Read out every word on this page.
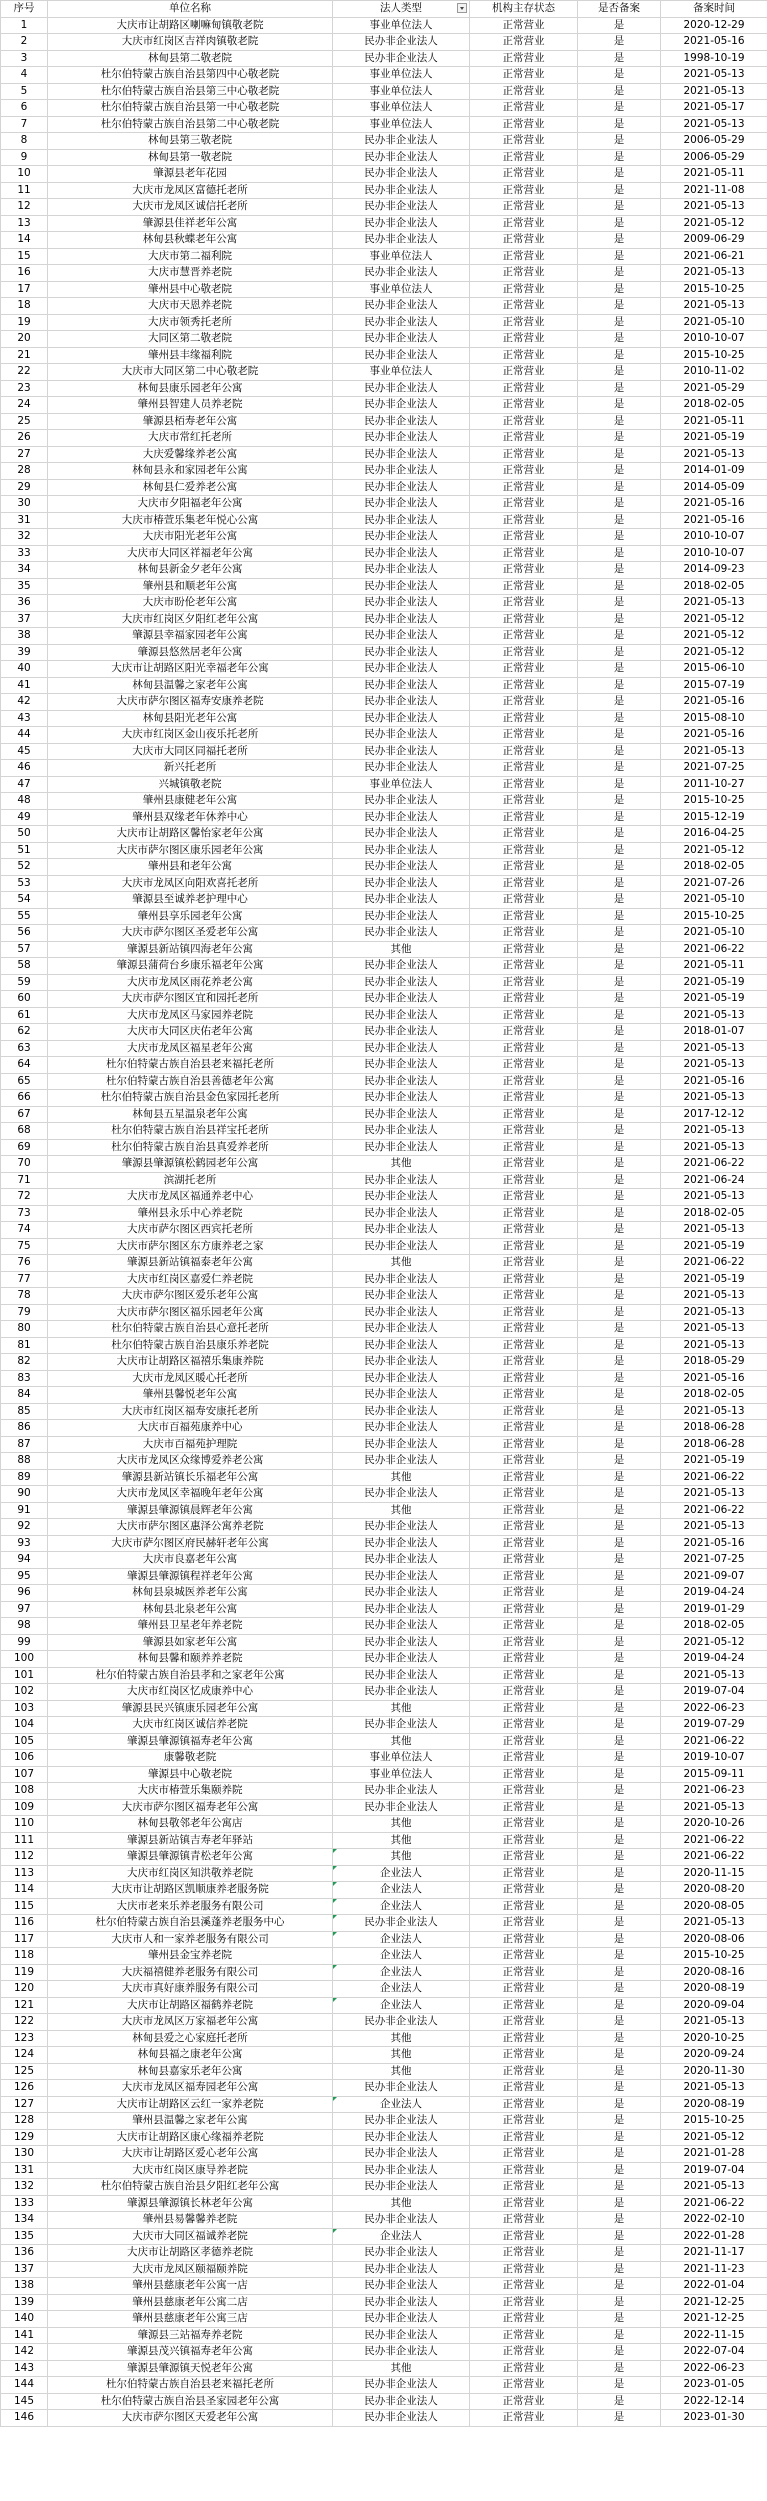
序号	单位名称	法人类型	机构主存状态	是否备案	备案时间
1	大庆市让胡路区喇嘛甸镇敬老院	事业单位法人	正常营业	是	2020-12-29
2	大庆市红岗区吉祥肉镇敬老院	民办非企业法人	正常营业	是	2021-05-16
3	林甸县第二敬老院	民办非企业法人	正常营业	是	1998-10-19
4	杜尔伯特蒙古族自治县第四中心敬老院	事业单位法人	正常营业	是	2021-05-13
5	杜尔伯特蒙古族自治县第三中心敬老院	事业单位法人	正常营业	是	2021-05-13
6	杜尔伯特蒙古族自治县第一中心敬老院	事业单位法人	正常营业	是	2021-05-17
7	杜尔伯特蒙古族自治县第二中心敬老院	事业单位法人	正常营业	是	2021-05-13
8	林甸县第三敬老院	民办非企业法人	正常营业	是	2006-05-29
9	林甸县第一敬老院	民办非企业法人	正常营业	是	2006-05-29
10	肇源县老年花园	民办非企业法人	正常营业	是	2021-05-11
11	大庆市龙凤区富德托老所	民办非企业法人	正常营业	是	2021-11-08
12	大庆市龙凤区诚信托老所	民办非企业法人	正常营业	是	2021-05-13
13	肇源县佳祥老年公寓	民办非企业法人	正常营业	是	2021-05-12
14	林甸县秋蝶老年公寓	民办非企业法人	正常营业	是	2009-06-29
15	大庆市第二福利院	事业单位法人	正常营业	是	2021-06-21
16	大庆市慧晋养老院	民办非企业法人	正常营业	是	2021-05-13
17	肇州县中心敬老院	事业单位法人	正常营业	是	2015-10-25
18	大庆市天恩养老院	民办非企业法人	正常营业	是	2021-05-13
19	大庆市领秀托老所	民办非企业法人	正常营业	是	2021-05-10
20	大同区第二敬老院	民办非企业法人	正常营业	是	2010-10-07
21	肇州县丰缘福利院	民办非企业法人	正常营业	是	2015-10-25
22	大庆市大同区第二中心敬老院	事业单位法人	正常营业	是	2010-11-02
23	林甸县康乐园老年公寓	民办非企业法人	正常营业	是	2021-05-29
24	肇州县智建人员养老院	民办非企业法人	正常营业	是	2018-02-05
25	肇源县栢寿老年公寓	民办非企业法人	正常营业	是	2021-05-11
26	大庆市常红托老所	民办非企业法人	正常营业	是	2021-05-19
27	大庆爱馨缘养老公寓	民办非企业法人	正常营业	是	2021-05-13
28	林甸县永和家园老年公寓	民办非企业法人	正常营业	是	2014-01-09
29	林甸县仁爱养老公寓	民办非企业法人	正常营业	是	2014-05-09
30	大庆市夕阳福老年公寓	民办非企业法人	正常营业	是	2021-05-16
31	大庆市椿萱乐集老年悦心公寓	民办非企业法人	正常营业	是	2021-05-16
32	大庆市阳光老年公寓	民办非企业法人	正常营业	是	2010-10-07
33	大庆市大同区祥福老年公寓	民办非企业法人	正常营业	是	2010-10-07
34	林甸县新金夕老年公寓	民办非企业法人	正常营业	是	2014-09-23
35	肇州县和顺老年公寓	民办非企业法人	正常营业	是	2018-02-05
36	大庆市盼伦老年公寓	民办非企业法人	正常营业	是	2021-05-13
37	大庆市红岗区夕阳红老年公寓	民办非企业法人	正常营业	是	2021-05-12
38	肇源县幸福家园老年公寓	民办非企业法人	正常营业	是	2021-05-12
39	肇源县悠然居老年公寓	民办非企业法人	正常营业	是	2021-05-12
40	大庆市让胡路区阳光幸福老年公寓	民办非企业法人	正常营业	是	2015-06-10
41	林甸县温馨之家老年公寓	民办非企业法人	正常营业	是	2015-07-19
42	大庆市萨尔图区福寿安康养老院	民办非企业法人	正常营业	是	2021-05-16
43	林甸县阳光老年公寓	民办非企业法人	正常营业	是	2015-08-10
44	大庆市红岗区金山夜乐托老所	民办非企业法人	正常营业	是	2021-05-16
45	大庆市大同区同福托老所	民办非企业法人	正常营业	是	2021-05-13
46	新兴托老所	民办非企业法人	正常营业	是	2021-07-25
47	兴城镇敬老院	事业单位法人	正常营业	是	2011-10-27
48	肇州县康健老年公寓	民办非企业法人	正常营业	是	2015-10-25
49	肇州县双缘老年休养中心	民办非企业法人	正常营业	是	2015-12-19
50	大庆市让胡路区馨怡家老年公寓	民办非企业法人	正常营业	是	2016-04-25
51	大庆市萨尔图区康乐园老年公寓	民办非企业法人	正常营业	是	2021-05-12
52	肇州县和老年公寓	民办非企业法人	正常营业	是	2018-02-05
53	大庆市龙凤区向阳欢喜托老所	民办非企业法人	正常营业	是	2021-07-26
54	肇源县至诚养老护理中心	民办非企业法人	正常营业	是	2021-05-10
55	肇州县享乐园老年公寓	民办非企业法人	正常营业	是	2015-10-25
56	大庆市萨尔图区圣爱老年公寓	民办非企业法人	正常营业	是	2021-05-10
57	肇源县新站镇四海老年公寓	其他	正常营业	是	2021-06-22
58	肇源县蒲荷台乡康乐福老年公寓	民办非企业法人	正常营业	是	2021-05-11
59	大庆市龙凤区雨花养老公寓	民办非企业法人	正常营业	是	2021-05-19
60	大庆市萨尔图区宜和园托老所	民办非企业法人	正常营业	是	2021-05-19
61	大庆市龙凤区马家园养老院	民办非企业法人	正常营业	是	2021-05-13
62	大庆市大同区庆佑老年公寓	民办非企业法人	正常营业	是	2018-01-07
63	大庆市龙凤区福星老年公寓	民办非企业法人	正常营业	是	2021-05-13
64	杜尔伯特蒙古族自治县老来福托老所	民办非企业法人	正常营业	是	2021-05-13
65	杜尔伯特蒙古族自治县善德老年公寓	民办非企业法人	正常营业	是	2021-05-16
66	杜尔伯特蒙古族自治县金色家园托老所	民办非企业法人	正常营业	是	2021-05-13
67	林甸县五星温泉老年公寓	民办非企业法人	正常营业	是	2017-12-12
68	杜尔伯特蒙古族自治县祥宝托老所	民办非企业法人	正常营业	是	2021-05-13
69	杜尔伯特蒙古族自治县真爱养老所	民办非企业法人	正常营业	是	2021-05-13
70	肇源县肇源镇松鹤园老年公寓	其他	正常营业	是	2021-06-22
71	滨湖托老所	民办非企业法人	正常营业	是	2021-06-24
72	大庆市龙凤区福通养老中心	民办非企业法人	正常营业	是	2021-05-13
73	肇州县永乐中心养老院	民办非企业法人	正常营业	是	2018-02-05
74	大庆市萨尔图区西宾托老所	民办非企业法人	正常营业	是	2021-05-13
75	大庆市萨尔图区东方康养老之家	民办非企业法人	正常营业	是	2021-05-19
76	肇源县新站镇福泰老年公寓	其他	正常营业	是	2021-06-22
77	大庆市红岗区嘉爱仁养老院	民办非企业法人	正常营业	是	2021-05-19
78	大庆市萨尔图区爱乐老年公寓	民办非企业法人	正常营业	是	2021-05-13
79	大庆市萨尔图区福乐园老年公寓	民办非企业法人	正常营业	是	2021-05-13
80	杜尔伯特蒙古族自治县心意托老所	民办非企业法人	正常营业	是	2021-05-13
81	杜尔伯特蒙古族自治县康乐养老院	民办非企业法人	正常营业	是	2021-05-13
82	大庆市让胡路区福禧乐集康养院	民办非企业法人	正常营业	是	2018-05-29
83	大庆市龙凤区暖心托老所	民办非企业法人	正常营业	是	2021-05-16
84	肇州县馨悦老年公寓	民办非企业法人	正常营业	是	2018-02-05
85	大庆市红岗区福寿安康托老所	民办非企业法人	正常营业	是	2021-05-13
86	大庆市百福苑康养中心	民办非企业法人	正常营业	是	2018-06-28
87	大庆市百福苑护理院	民办非企业法人	正常营业	是	2018-06-28
88	大庆市龙凤区众缘博爱养老公寓	民办非企业法人	正常营业	是	2021-05-19
89	肇源县新站镇长乐福老年公寓	其他	正常营业	是	2021-06-22
90	大庆市龙凤区幸福晚年老年公寓	民办非企业法人	正常营业	是	2021-05-13
91	肇源县肇源镇晨辉老年公寓	其他	正常营业	是	2021-06-22
92	大庆市萨尔图区惠泽公寓养老院	民办非企业法人	正常营业	是	2021-05-13
93	大庆市萨尔图区府民赫轩老年公寓	民办非企业法人	正常营业	是	2021-05-16
94	大庆市良嘉老年公寓	民办非企业法人	正常营业	是	2021-07-25
95	肇源县肇源镇程祥老年公寓	民办非企业法人	正常营业	是	2021-09-07
96	林甸县泉城医养老年公寓	民办非企业法人	正常营业	是	2019-04-24
97	林甸县北泉老年公寓	民办非企业法人	正常营业	是	2019-01-29
98	肇州县卫星老年养老院	民办非企业法人	正常营业	是	2018-02-05
99	肇源县如家老年公寓	民办非企业法人	正常营业	是	2021-05-12
100	林甸县馨和颐养养老院	民办非企业法人	正常营业	是	2019-04-24
101	杜尔伯特蒙古族自治县孝和之家老年公寓	民办非企业法人	正常营业	是	2021-05-13
102	大庆市红岗区忆成康养中心	民办非企业法人	正常营业	是	2019-07-04
103	肇源县民兴镇康乐园老年公寓	其他	正常营业	是	2022-06-23
104	大庆市红岗区诚信养老院	民办非企业法人	正常营业	是	2019-07-29
105	肇源县肇源镇福寿老年公寓	其他	正常营业	是	2021-06-22
106	康馨敬老院	事业单位法人	正常营业	是	2019-10-07
107	肇源县中心敬老院	事业单位法人	正常营业	是	2015-09-11
108	大庆市椿萱乐集颐养院	民办非企业法人	正常营业	是	2021-06-23
109	大庆市萨尔图区福寿老年公寓	民办非企业法人	正常营业	是	2021-05-13
110	林甸县敬邻老年公寓店	其他	正常营业	是	2020-10-26
111	肇源县新站镇吉寿老年驿站	其他	正常营业	是	2021-06-22
112	肇源县肇源镇青松老年公寓	其他	正常营业	是	2021-06-22
113	大庆市红岗区知洪敬养老院	企业法人	正常营业	是	2020-11-15
114	大庆市让胡路区凯顺康养老服务院	企业法人	正常营业	是	2020-08-20
115	大庆市老来乐养老服务有限公司	企业法人	正常营业	是	2020-08-05
116	杜尔伯特蒙古族自治县溪蓬养老服务中心	民办非企业法人	正常营业	是	2021-05-13
117	大庆市人和一家养老服务有限公司	企业法人	正常营业	是	2020-08-06
118	肇州县金宝养老院	企业法人	正常营业	是	2015-10-25
119	大庆福禧健养老服务有限公司	企业法人	正常营业	是	2020-08-16
120	大庆市真好康养服务有限公司	企业法人	正常营业	是	2020-08-19
121	大庆市让胡路区福鹤养老院	企业法人	正常营业	是	2020-09-04
122	大庆市龙凤区万家福老年公寓	民办非企业法人	正常营业	是	2021-05-13
123	林甸县爱之心家庭托老所	其他	正常营业	是	2020-10-25
124	林甸县福之康老年公寓	其他	正常营业	是	2020-09-24
125	林甸县嘉家乐老年公寓	其他	正常营业	是	2020-11-30
126	大庆市龙凤区福寿园老年公寓	民办非企业法人	正常营业	是	2021-05-13
127	大庆市让胡路区云红一家养老院	企业法人	正常营业	是	2020-08-19
128	肇州县温馨之家老年公寓	民办非企业法人	正常营业	是	2015-10-25
129	大庆市让胡路区康心缘福养老院	民办非企业法人	正常营业	是	2021-05-12
130	大庆市让胡路区爱心老年公寓	民办非企业法人	正常营业	是	2021-01-28
131	大庆市红岗区康导养老院	民办非企业法人	正常营业	是	2019-07-04
132	杜尔伯特蒙古族自治县夕阳红老年公寓	民办非企业法人	正常营业	是	2021-05-13
133	肇源县肇源镇长林老年公寓	其他	正常营业	是	2021-06-22
134	肇州县易馨馨养老院	民办非企业法人	正常营业	是	2022-02-10
135	大庆市大同区福诚养老院	企业法人	正常营业	是	2022-01-28
136	大庆市让胡路区孝德养老院	民办非企业法人	正常营业	是	2021-11-17
137	大庆市龙凤区颐福颐养院	民办非企业法人	正常营业	是	2021-11-23
138	肇州县慈康老年公寓一店	民办非企业法人	正常营业	是	2022-01-04
139	肇州县慈康老年公寓二店	民办非企业法人	正常营业	是	2021-12-25
140	肇州县慈康老年公寓三店	民办非企业法人	正常营业	是	2021-12-25
141	肇源县三站福寿养老院	民办非企业法人	正常营业	是	2022-11-15
142	肇源县茂兴镇福寿老年公寓	民办非企业法人	正常营业	是	2022-07-04
143	肇源县肇源镇天悦老年公寓	其他	正常营业	是	2022-06-23
144	杜尔伯特蒙古族自治县老来福托老所	民办非企业法人	正常营业	是	2023-01-05
145	杜尔伯特蒙古族自治县圣家园老年公寓	民办非企业法人	正常营业	是	2022-12-14
146	大庆市萨尔图区天爱老年公寓	民办非企业法人	正常营业	是	2023-01-30
